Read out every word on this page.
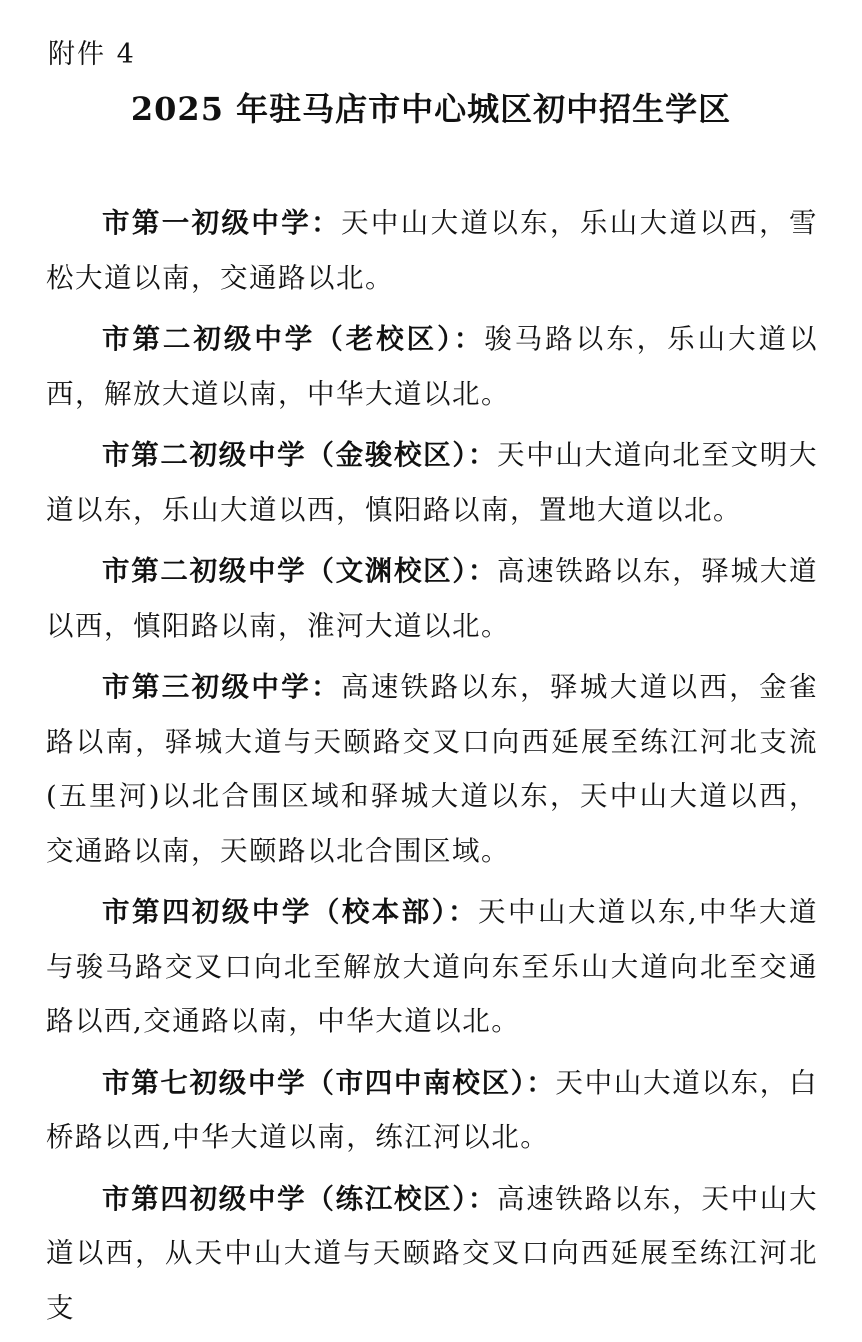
附件 4
2025 年驻马店市中心城区初中招生学区

市第一初级中学：天中山大道以东，乐山大道以西，雪松大道以南，交通路以北。

市第二初级中学（老校区）：骏马路以东，乐山大道以西，解放大道以南，中华大道以北。

市第二初级中学（金骏校区）：天中山大道向北至文明大道以东，乐山大道以西，慎阳路以南，置地大道以北。

市第二初级中学（文渊校区）：高速铁路以东，驿城大道以西，慎阳路以南，淮河大道以北。

市第三初级中学：高速铁路以东，驿城大道以西，金雀路以南，驿城大道与天颐路交叉口向西延展至练江河北支流(五里河)以北合围区域和驿城大道以东，天中山大道以西，交通路以南，天颐路以北合围区域。

市第四初级中学（校本部）：天中山大道以东,中华大道与骏马路交叉口向北至解放大道向东至乐山大道向北至交通路以西,交通路以南，中华大道以北。

市第七初级中学（市四中南校区）：天中山大道以东，白桥路以西,中华大道以南，练江河以北。

市第四初级中学（练江校区）：高速铁路以东，天中山大道以西，从天中山大道与天颐路交叉口向西延展至练江河北支
